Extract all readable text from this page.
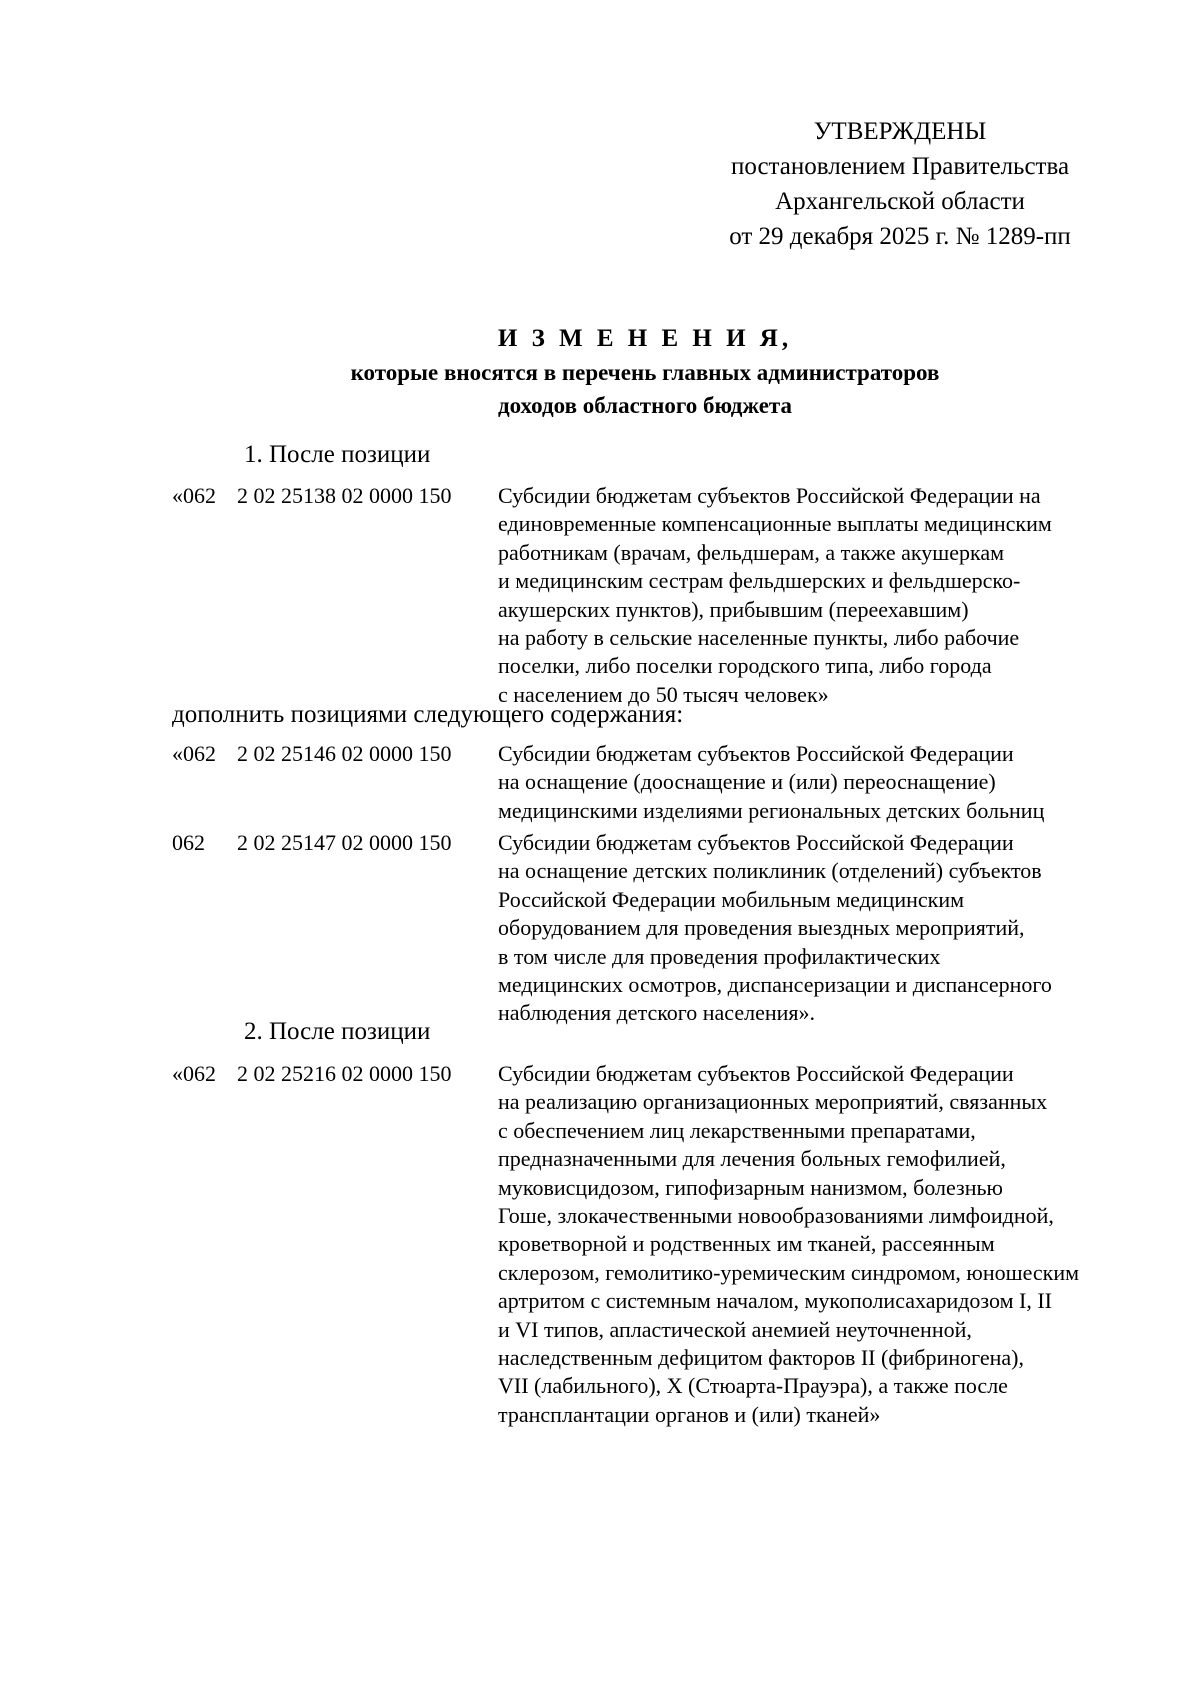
УТВЕРЖДЕНЫ
постановлением Правительства
Архангельской области
от 29 декабря 2025 г. № 1289-пп
И З М Е Н Е Н И Я,
которые вносятся в перечень главных администраторов
доходов областного бюджета
1. После позиции
«062 2 02 25138 02 0000 150 Субсидии бюджетам субъектов Российской Федерации на
единовременные компенсационные выплаты медицинским
работникам (врачам, фельдшерам, а также акушеркам
и медицинским сестрам фельдшерских и фельдшерско-
акушерских пунктов), прибывшим (переехавшим)
на работу в сельские населенные пункты, либо рабочие
поселки, либо поселки городского типа, либо города
с населением до 50 тысяч человек»
дополнить позициями следующего содержания:
«062 2 02 25146 02 0000 150 Субсидии бюджетам субъектов Российской Федерации
на оснащение (дооснащение и (или) переоснащение)
медицинскими изделиями региональных детских больниц
062 2 02 25147 02 0000 150 Субсидии бюджетам субъектов Российской Федерации
на оснащение детских поликлиник (отделений) субъектов
Российской Федерации мобильным медицинским
оборудованием для проведения выездных мероприятий,
в том числе для проведения профилактических
медицинских осмотров, диспансеризации и диспансерного
наблюдения детского населения».
2. После позиции
«062 2 02 25216 02 0000 150 Субсидии бюджетам субъектов Российской Федерации
на реализацию организационных мероприятий, связанных
с обеспечением лиц лекарственными препаратами,
предназначенными для лечения больных гемофилией,
муковисцидозом, гипофизарным нанизмом, болезнью
Гоше, злокачественными новообразованиями лимфоидной,
кроветворной и родственных им тканей, рассеянным
склерозом, гемолитико-уремическим синдромом, юношеским
артритом с системным началом, мукополисахаридозом I, II
и VI типов, апластической анемией неуточненной,
наследственным дефицитом факторов II (фибриногена),
VII (лабильного), X (Стюарта-Прауэра), а также после
трансплантации органов и (или) тканей»
